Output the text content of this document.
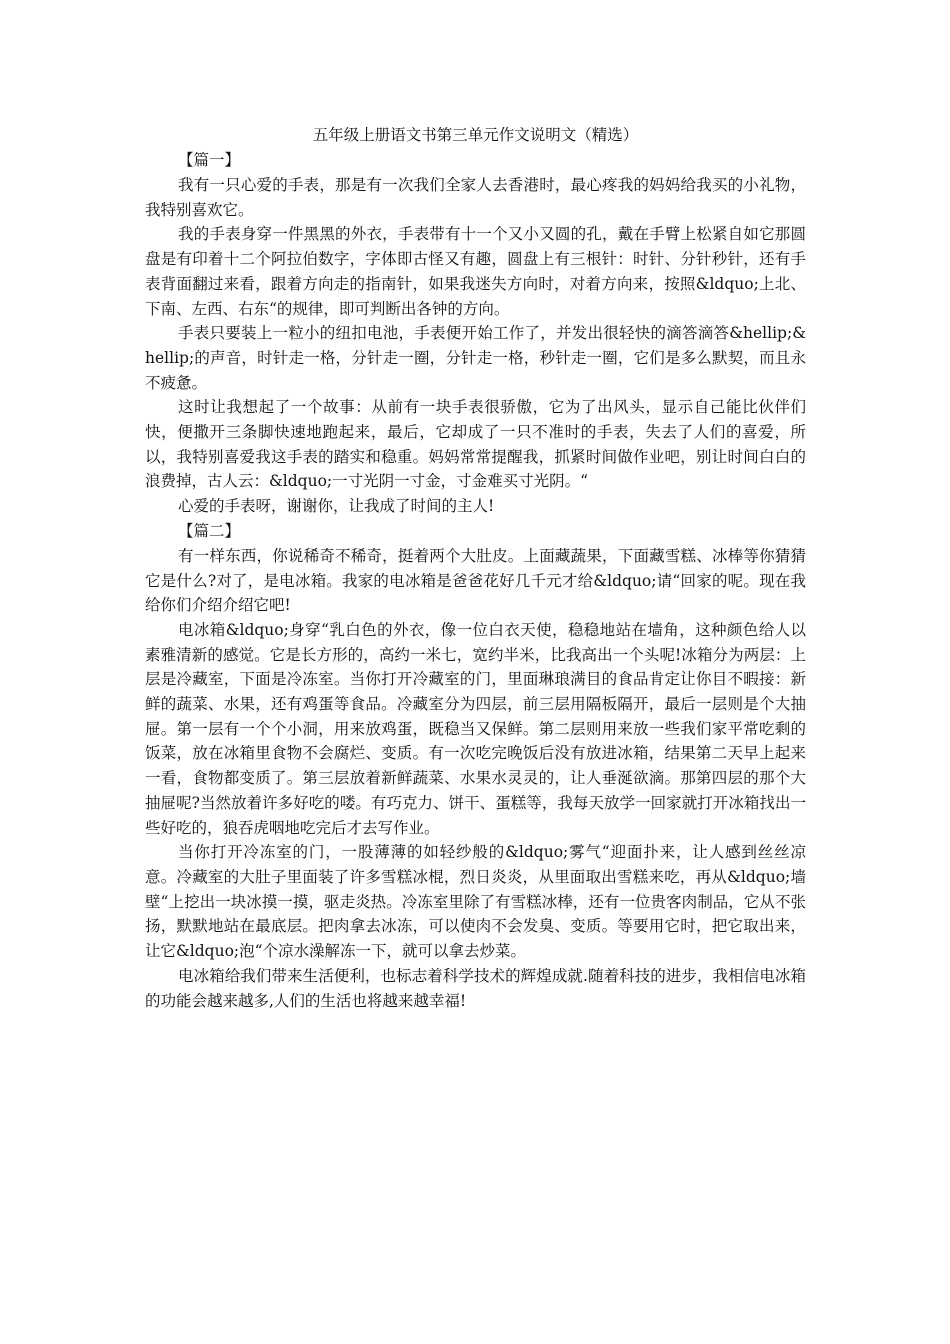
五年级上册语文书第三单元作文说明文（精选）

【篇一】

我有一只心爱的手表，那是有一次我们全家人去香港时，最心疼我的妈妈给我买的小礼物，我特别喜欢它。

我的手表身穿一件黑黑的外衣，手表带有十一个又小又圆的孔，戴在手臂上松紧自如它那圆盘是有印着十二个阿拉伯数字，字体即古怪又有趣，圆盘上有三根针：时针、分针秒针，还有手表背面翻过来看，跟着方向走的指南针，如果我迷失方向时，对着方向来，按照&ldquo;上北、下南、左西、右东“的规律，即可判断出各钟的方向。

手表只要装上一粒小的纽扣电池，手表便开始工作了，并发出很轻快的滴答滴答&hellip;&hellip;的声音，时针走一格，分针走一圈，分针走一格，秒针走一圈，它们是多么默契，而且永不疲惫。

这时让我想起了一个故事：从前有一块手表很骄傲，它为了出风头，显示自己能比伙伴们快，便撒开三条脚快速地跑起来，最后，它却成了一只不准时的手表，失去了人们的喜爱，所以，我特别喜爱我这手表的踏实和稳重。妈妈常常提醒我，抓紧时间做作业吧，别让时间白白的浪费掉，古人云：&ldquo;一寸光阴一寸金，寸金难买寸光阴。“

心爱的手表呀，谢谢你，让我成了时间的主人!

【篇二】

有一样东西，你说稀奇不稀奇，挺着两个大肚皮。上面藏蔬果，下面藏雪糕、冰棒等你猜猜它是什么?对了，是电冰箱。我家的电冰箱是爸爸花好几千元才给&ldquo;请“回家的呢。现在我给你们介绍介绍它吧!

电冰箱&ldquo;身穿“乳白色的外衣，像一位白衣天使，稳稳地站在墙角，这种颜色给人以素雅清新的感觉。它是长方形的，高约一米七，宽约半米，比我高出一个头呢!冰箱分为两层：上层是冷藏室，下面是冷冻室。当你打开冷藏室的门，里面琳琅满目的食品肯定让你目不暇接：新鲜的蔬菜、水果，还有鸡蛋等食品。冷藏室分为四层，前三层用隔板隔开，最后一层则是个大抽屉。第一层有一个个小洞，用来放鸡蛋，既稳当又保鲜。第二层则用来放一些我们家平常吃剩的饭菜，放在冰箱里食物不会腐烂、变质。有一次吃完晚饭后没有放进冰箱，结果第二天早上起来一看，食物都变质了。第三层放着新鲜蔬菜、水果水灵灵的，让人垂涎欲滴。那第四层的那个大抽屉呢?当然放着许多好吃的喽。有巧克力、饼干、蛋糕等，我每天放学一回家就打开冰箱找出一些好吃的，狼吞虎咽地吃完后才去写作业。

当你打开冷冻室的门，一股薄薄的如轻纱般的&ldquo;雾气“迎面扑来，让人感到丝丝凉意。冷藏室的大肚子里面装了许多雪糕冰棍，烈日炎炎，从里面取出雪糕来吃，再从&ldquo;墙壁“上挖出一块冰摸一摸，驱走炎热。冷冻室里除了有雪糕冰棒，还有一位贵客肉制品，它从不张扬，默默地站在最底层。把肉拿去冰冻，可以使肉不会发臭、变质。等要用它时，把它取出来，让它&ldquo;泡“个凉水澡解冻一下，就可以拿去炒菜。

电冰箱给我们带来生活便利，也标志着科学技术的辉煌成就.随着科技的进步，我相信电冰箱的功能会越来越多,人们的生活也将越来越幸福!
